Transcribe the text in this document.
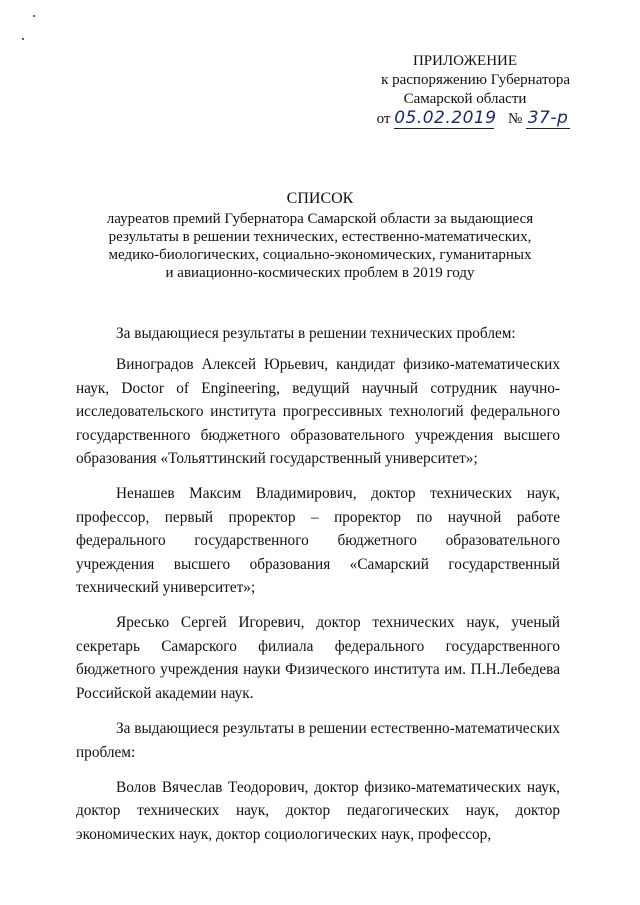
ПРИЛОЖЕНИЕ
к распоряжению Губернатора
Самарской области
от 05.02.2019 № 37-р
СПИСОК
лауреатов премий Губернатора Самарской области за выдающиеся
результаты в решении технических, естественно-математических,
медико-биологических, социально-экономических, гуманитарных
и авиационно-космических проблем в 2019 году

За выдающиеся результаты в решении технических проблем:

Виноградов Алексей Юрьевич, кандидат физико-математических наук, Doctor of Engineering, ведущий научный сотрудник научно-исследовательского института прогрессивных технологий федерального государственного бюджетного образовательного учреждения высшего образования «Тольяттинский государственный университет»;

Ненашев Максим Владимирович, доктор технических наук, профессор, первый проректор – проректор по научной работе федерального государственного бюджетного образовательного учреждения высшего образования «Самарский государственный технический университет»;

Яресько Сергей Игоревич, доктор технических наук, ученый секретарь Самарского филиала федерального государственного бюджетного учреждения науки Физического института им. П.Н.Лебедева Российской академии наук.

За выдающиеся результаты в решении естественно-математических проблем:

Волов Вячеслав Теодорович, доктор физико-математических наук, доктор технических наук, доктор педагогических наук, доктор экономических наук, доктор социологических наук, профессор,
